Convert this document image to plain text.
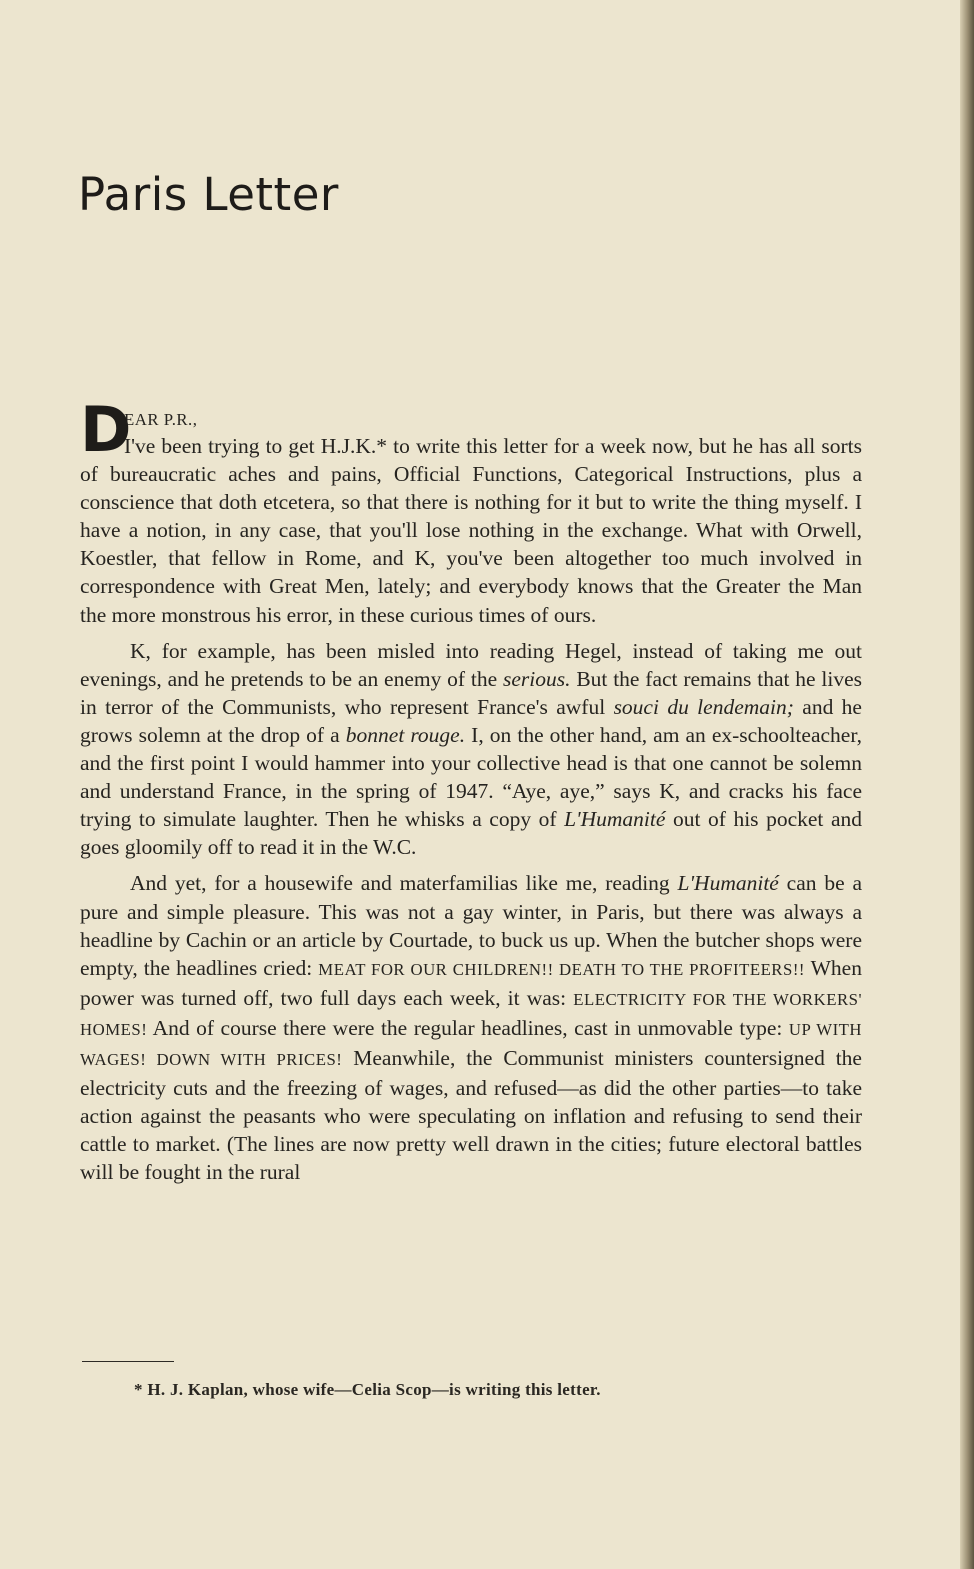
Paris Letter
D
EAR P.R.,

I've been trying to get H.J.K.* to write this letter for a week now, but he has all sorts of bureaucratic aches and pains, Official Functions, Categorical Instructions, plus a conscience that doth etcetera, so that there is nothing for it but to write the thing myself. I have a notion, in any case, that you'll lose nothing in the exchange. What with Orwell, Koestler, that fellow in Rome, and K, you've been altogether too much involved in correspondence with Great Men, lately; and everybody knows that the Greater the Man the more monstrous his error, in these curious times of ours.

K, for example, has been misled into reading Hegel, instead of taking me out evenings, and he pretends to be an enemy of the serious. But the fact remains that he lives in terror of the Communists, who represent France's awful souci du lendemain; and he grows solemn at the drop of a bonnet rouge. I, on the other hand, am an ex-schoolteacher, and the first point I would hammer into your collective head is that one cannot be solemn and understand France, in the spring of 1947. “Aye, aye,” says K, and cracks his face trying to simulate laughter. Then he whisks a copy of L'Humanité out of his pocket and goes gloomily off to read it in the W.C.

And yet, for a housewife and materfamilias like me, reading L'Humanité can be a pure and simple pleasure. This was not a gay winter, in Paris, but there was always a headline by Cachin or an article by Courtade, to buck us up. When the butcher shops were empty, the headlines cried: MEAT FOR OUR CHILDREN!! DEATH TO THE PROFITEERS!! When power was turned off, two full days each week, it was: ELECTRICITY FOR THE WORKERS' HOMES! And of course there were the regular headlines, cast in unmovable type: UP WITH WAGES! DOWN WITH PRICES! Meanwhile, the Communist ministers countersigned the electricity cuts and the freezing of wages, and refused—as did the other parties—to take action against the peasants who were speculating on inflation and refusing to send their cattle to market. (The lines are now pretty well drawn in the cities; future electoral battles will be fought in the rural

* H. J. Kaplan, whose wife—Celia Scop—is writing this letter.
